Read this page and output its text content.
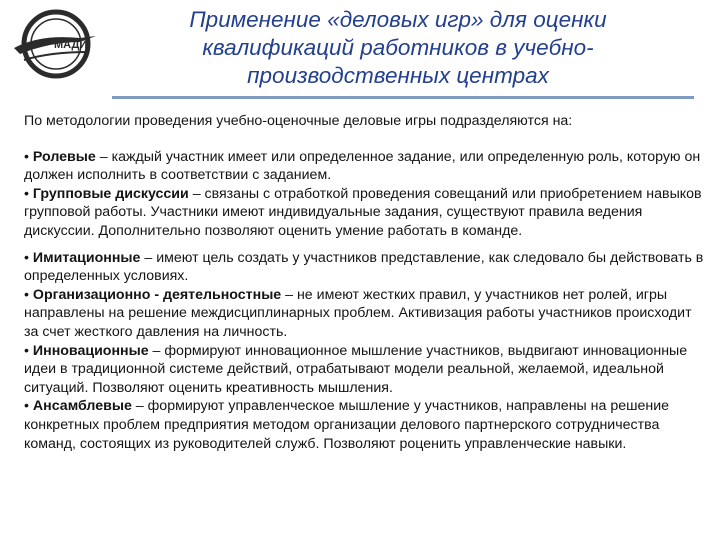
МАДИ
Применение «деловых игр» для оценки
квалификаций работников в учебно-
производственных центрах

По методологии проведения учебно-оценочные деловые игры подразделяются на:

• Ролевые – каждый участник имеет или определенное задание, или определенную роль, которую он должен исполнить в соответствии с заданием.

• Групповые дискуссии – связаны с отработкой проведения совещаний или приобретением навыков групповой работы. Участники имеют индивидуальные задания, существуют правила ведения дискуссии. Дополнительно позволяют оценить умение работать в команде.

• Имитационные – имеют цель создать у участников представление, как следовало бы действовать в определенных условиях.

• Организационно - деятельностные – не имеют жестких правил, у участников нет ролей, игры направлены на решение междисциплинарных проблем. Активизация работы участников происходит за счет жесткого давления на личность.

• Инновационные – формируют инновационное мышление участников, выдвигают инновационные идеи в традиционной системе действий, отрабатывают модели реальной, желаемой, идеальной ситуаций. Позволяют оценить креативность мышления.

• Ансамблевые – формируют управленческое мышление у участников, направлены на решение конкретных проблем предприятия методом организации делового партнерского сотрудничества команд, состоящих из руководителей служб. Позволяют роценить управленческие навыки.
